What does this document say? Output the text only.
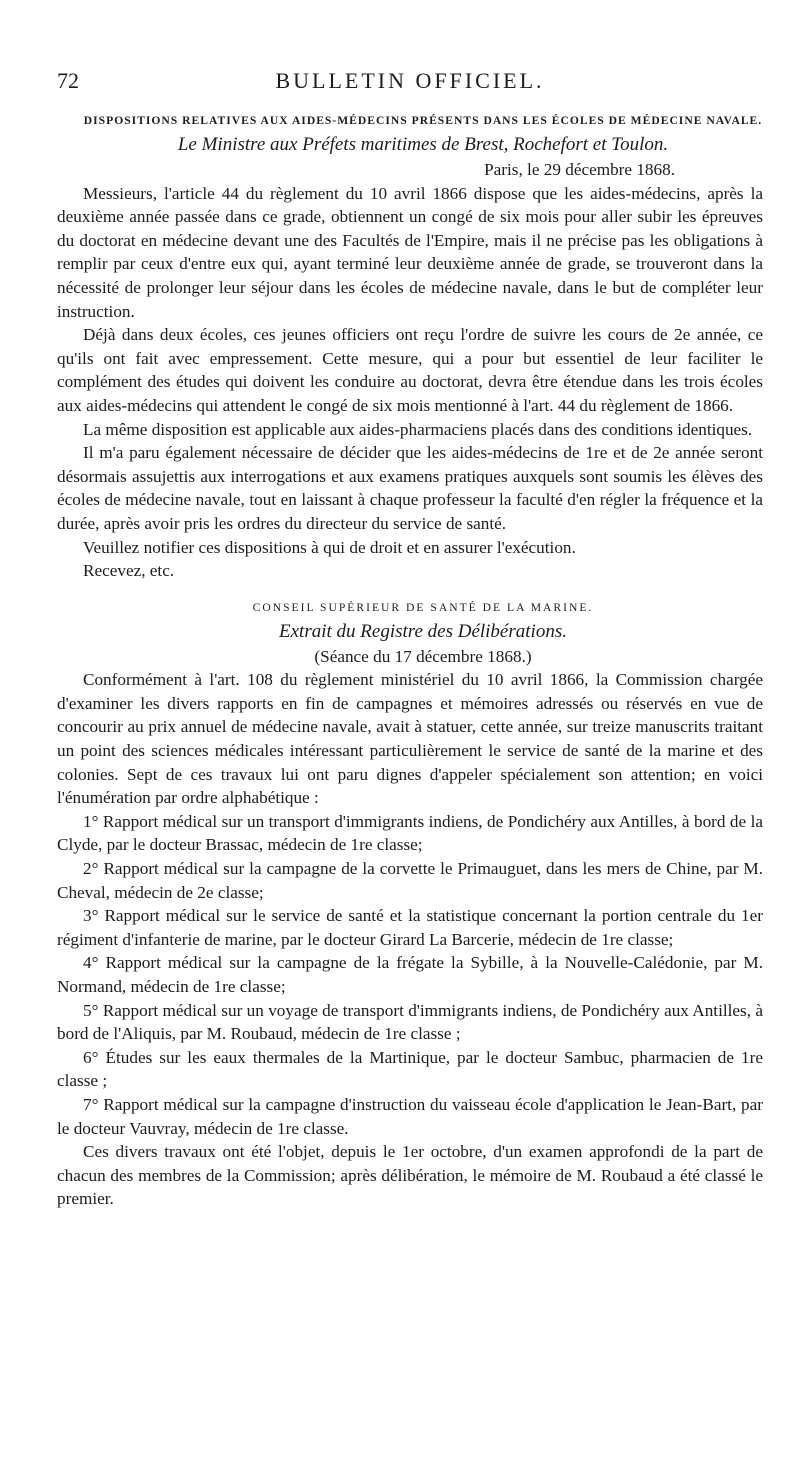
72	BULLETIN OFFICIEL.

DISPOSITIONS RELATIVES AUX AIDES-MÉDECINS PRÉSENTS DANS LES ÉCOLES DE MÉDECINE NAVALE.

Le Ministre aux Préfets maritimes de Brest, Rochefort et Toulon.

Paris, le 29 décembre 1868.

Messieurs, l'article 44 du règlement du 10 avril 1866 dispose que les aides-médecins, après la deuxième année passée dans ce grade, obtiennent un congé de six mois pour aller subir les épreuves du doctorat en médecine devant une des Facultés de l'Empire, mais il ne précise pas les obligations à remplir par ceux d'entre eux qui, ayant terminé leur deuxième année de grade, se trouveront dans la nécessité de prolonger leur séjour dans les écoles de médecine navale, dans le but de compléter leur instruction.

Déjà dans deux écoles, ces jeunes officiers ont reçu l'ordre de suivre les cours de 2e année, ce qu'ils ont fait avec empressement. Cette mesure, qui a pour but essentiel de leur faciliter le complément des études qui doivent les conduire au doctorat, devra être étendue dans les trois écoles aux aides-médecins qui attendent le congé de six mois mentionné à l'art. 44 du règlement de 1866.

La même disposition est applicable aux aides-pharmaciens placés dans des conditions identiques.

Il m'a paru également nécessaire de décider que les aides-médecins de 1re et de 2e année seront désormais assujettis aux interrogations et aux examens pratiques auxquels sont soumis les élèves des écoles de médecine navale, tout en laissant à chaque professeur la faculté d'en régler la fréquence et la durée, après avoir pris les ordres du directeur du service de santé.

Veuillez notifier ces dispositions à qui de droit et en assurer l'exécution.

Recevez, etc.

CONSEIL SUPÉRIEUR DE SANTÉ DE LA MARINE.

Extrait du Registre des Délibérations.

(Séance du 17 décembre 1868.)

Conformément à l'art. 108 du règlement ministériel du 10 avril 1866, la Commission chargée d'examiner les divers rapports en fin de campagnes et mémoires adressés ou réservés en vue de concourir au prix annuel de médecine navale, avait à statuer, cette année, sur treize manuscrits traitant un point des sciences médicales intéressant particulièrement le service de santé de la marine et des colonies. Sept de ces travaux lui ont paru dignes d'appeler spécialement son attention; en voici l'énumération par ordre alphabétique :

1° Rapport médical sur un transport d'immigrants indiens, de Pondichéry aux Antilles, à bord de la Clyde, par le docteur Brassac, médecin de 1re classe;

2° Rapport médical sur la campagne de la corvette le Primauguet, dans les mers de Chine, par M. Cheval, médecin de 2e classe;

3° Rapport médical sur le service de santé et la statistique concernant la portion centrale du 1er régiment d'infanterie de marine, par le docteur Girard La Barcerie, médecin de 1re classe;

4° Rapport médical sur la campagne de la frégate la Sybille, à la Nouvelle-Calédonie, par M. Normand, médecin de 1re classe;

5° Rapport médical sur un voyage de transport d'immigrants indiens, de Pondichéry aux Antilles, à bord de l'Aliquis, par M. Roubaud, médecin de 1re classe ;

6° Études sur les eaux thermales de la Martinique, par le docteur Sambuc, pharmacien de 1re classe ;

7° Rapport médical sur la campagne d'instruction du vaisseau école d'application le Jean-Bart, par le docteur Vauvray, médecin de 1re classe.

Ces divers travaux ont été l'objet, depuis le 1er octobre, d'un examen approfondi de la part de chacun des membres de la Commission; après délibération, le mémoire de M. Roubaud a été classé le premier.
